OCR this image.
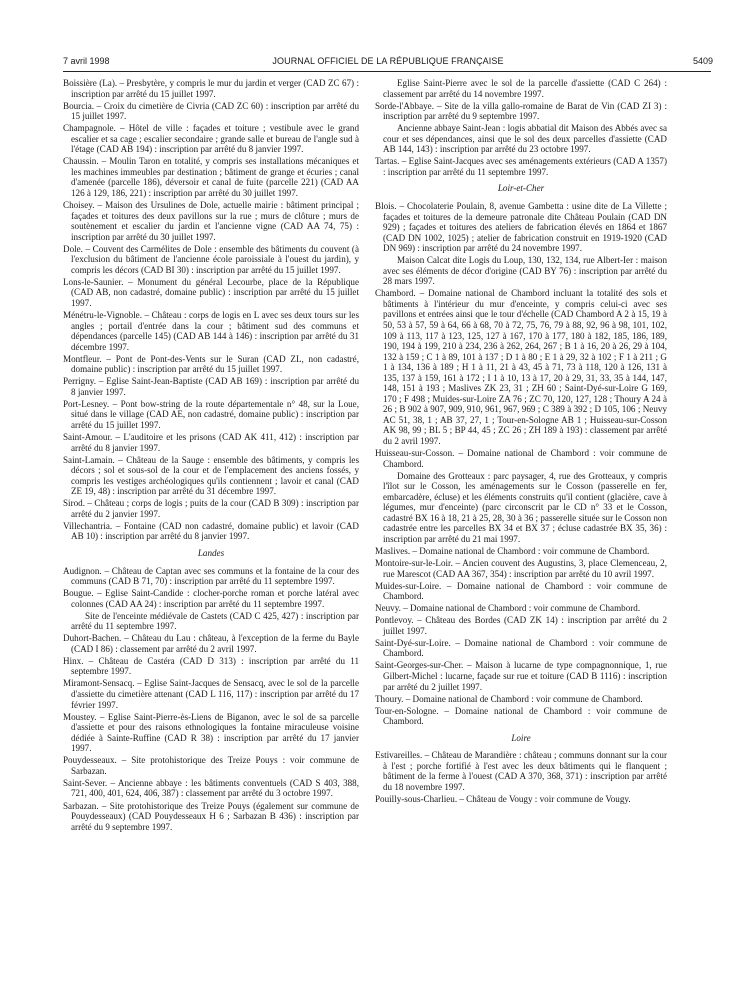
JOURNAL OFFICIEL DE LA RÉPUBLIQUE FRANÇAISE
7 avril 1998	5409
Boissière (La). – Presbytère, y compris le mur du jardin et verger (CAD ZC 67) : inscription par arrêté du 15 juillet 1997.
Bourcia. – Croix du cimetière de Civria (CAD ZC 60) : inscription par arrêté du 15 juillet 1997.
Champagnole. – Hôtel de ville : façades et toiture ; vestibule avec le grand escalier et sa cage ; escalier secondaire ; grande salle et bureau de l'angle sud à l'étage (CAD AB 194) : inscription par arrêté du 8 janvier 1997.
Chaussin. – Moulin Taron en totalité, y compris ses installations mécaniques et les machines immeubles par destination ; bâtiment de grange et écuries ; canal d'amenée (parcelle 186), déversoir et canal de fuite (parcelle 221) (CAD AA 126 à 129, 186, 221) : inscription par arrêté du 30 juillet 1997.
Choisey. – Maison des Ursulines de Dole, actuelle mairie : bâtiment principal ; façades et toitures des deux pavillons sur la rue ; murs de clôture ; murs de soutènement et escalier du jardin et l'ancienne vigne (CAD AA 74, 75) : inscription par arrêté du 30 juillet 1997.
Dole. – Couvent des Carmélites de Dole : ensemble des bâtiments du couvent (à l'exclusion du bâtiment de l'ancienne école paroissiale à l'ouest du jardin), y compris les décors (CAD BI 30) : inscription par arrêté du 15 juillet 1997.
Lons-le-Saunier. – Monument du général Lecourbe, place de la République (CAD AB, non cadastré, domaine public) : inscription par arrêté du 15 juillet 1997.
Ménétru-le-Vignoble. – Château : corps de logis en L avec ses deux tours sur les angles ; portail d'entrée dans la cour ; bâtiment sud des communs et dépendances (parcelle 145) (CAD AB 144 à 146) : inscription par arrêté du 31 décembre 1997.
Montfleur. – Pont de Pont-des-Vents sur le Suran (CAD ZL, non cadastré, domaine public) : inscription par arrêté du 15 juillet 1997.
Perrigny. – Eglise Saint-Jean-Baptiste (CAD AB 169) : inscription par arrêté du 8 janvier 1997.
Port-Lesney. – Pont bow-string de la route départementale n° 48, sur la Loue, situé dans le village (CAD AE, non cadastré, domaine public) : inscription par arrêté du 15 juillet 1997.
Saint-Amour. – L'auditoire et les prisons (CAD AK 411, 412) : inscription par arrêté du 8 janvier 1997.
Saint-Lamain. – Château de la Sauge : ensemble des bâtiments, y compris les décors ; sol et sous-sol de la cour et de l'emplacement des anciens fossés, y compris les vestiges archéologiques qu'ils contiennent ; lavoir et canal (CAD ZE 19, 48) : inscription par arrêté du 31 décembre 1997.
Sirod. – Château ; corps de logis ; puits de la cour (CAD B 309) : inscription par arrêté du 2 janvier 1997.
Villechantria. – Fontaine (CAD non cadastré, domaine public) et lavoir (CAD AB 10) : inscription par arrêté du 8 janvier 1997.
Landes
Audignon. – Château de Captan avec ses communs et la fontaine de la cour des communs (CAD B 71, 70) : inscription par arrêté du 11 septembre 1997.
Bougue. – Eglise Saint-Candide : clocher-porche roman et porche latéral avec colonnes (CAD AA 24) : inscription par arrêté du 11 septembre 1997.
Site de l'enceinte médiévale de Castets (CAD C 425, 427) : inscription par arrêté du 11 septembre 1997.
Duhort-Bachen. – Château du Lau : château, à l'exception de la ferme du Bayle (CAD I 86) : classement par arrêté du 2 avril 1997.
Hinx. – Château de Castéra (CAD D 313) : inscription par arrêté du 11 septembre 1997.
Miramont-Sensacq. – Eglise Saint-Jacques de Sensacq, avec le sol de la parcelle d'assiette du cimetière attenant (CAD L 116, 117) : inscription par arrêté du 17 février 1997.
Moustey. – Eglise Saint-Pierre-ès-Liens de Biganon, avec le sol de sa parcelle d'assiette et pour des raisons ethnologiques la fontaine miraculeuse voisine dédiée à Sainte-Ruffine (CAD R 38) : inscription par arrêté du 17 janvier 1997.
Pouydesseaux. – Site protohistorique des Treize Pouys : voir commune de Sarbazan.
Saint-Sever. – Ancienne abbaye : les bâtiments conventuels (CAD S 403, 388, 721, 400, 401, 624, 406, 387) : classement par arrêté du 3 octobre 1997.
Sarbazan. – Site protohistorique des Treize Pouys (également sur commune de Pouydesseaux) (CAD Pouydesseaux H 6 ; Sarbazan B 436) : inscription par arrêté du 9 septembre 1997.
Eglise Saint-Pierre avec le sol de la parcelle d'assiette (CAD C 264) : classement par arrêté du 14 novembre 1997.
Sorde-l'Abbaye. – Site de la villa gallo-romaine de Barat de Vin (CAD ZI 3) : inscription par arrêté du 9 septembre 1997.
Ancienne abbaye Saint-Jean : logis abbatial dit Maison des Abbés avec sa cour et ses dépendances, ainsi que le sol des deux parcelles d'assiette (CAD AB 144, 143) : inscription par arrêté du 23 octobre 1997.
Tartas. – Eglise Saint-Jacques avec ses aménagements extérieurs (CAD A 1357) : inscription par arrêté du 11 septembre 1997.
Loir-et-Cher
Blois. – Chocolaterie Poulain, 8, avenue Gambetta : usine dite de La Villette ; façades et toitures de la demeure patronale dite Château Poulain (CAD DN 929) ; façades et toitures des ateliers de fabrication élevés en 1864 et 1867 (CAD DN 1002, 1025) ; atelier de fabrication construit en 1919-1920 (CAD DN 969) : inscription par arrêté du 24 novembre 1997.
Maison Calcat dite Logis du Loup, 130, 132, 134, rue Albert-Ier : maison avec ses éléments de décor d'origine (CAD BY 76) : inscription par arrêté du 28 mars 1997.
Chambord. – Domaine national de Chambord incluant la totalité des sols et bâtiments à l'intérieur du mur d'enceinte, y compris celui-ci avec ses pavillons et entrées ainsi que le tour d'échelle (CAD Chambord A 2 à 15, 19 à 50, 53 à 57, 59 à 64, 66 à 68, 70 à 72, 75, 76, 79 à 88, 92, 96 à 98, 101, 102, 109 à 113, 117 à 123, 125, 127 à 167, 170 à 177, 180 à 182, 185, 186, 189, 190, 194 à 199, 210 à 234, 236 à 262, 264, 267 ; B 1 à 16, 20 à 26, 29 à 104, 132 à 159 ; C 1 à 89, 101 à 137 ; D 1 à 80 ; E 1 à 29, 32 à 102 ; F 1 à 211 ; G 1 à 134, 136 à 189 ; H 1 à 11, 21 à 43, 45 à 71, 73 à 118, 120 à 126, 131 à 135, 137 à 159, 161 à 172 ; I 1 à 10, 13 à 17, 20 à 29, 31, 33, 35 à 144, 147, 148, 151 à 193 ; Maslives ZK 23, 31 ; ZH 60 ; Saint-Dyé-sur-Loire G 169, 170 ; F 498 ; Muides-sur-Loire ZA 76 ; ZC 70, 120, 127, 128 ; Thoury A 24 à 26 ; B 902 à 907, 909, 910, 961, 967, 969 ; C 389 à 392 ; D 105, 106 ; Neuvy AC 51, 38, 1 ; AB 37, 27, 1 ; Tour-en-Sologne AB 1 ; Huisseau-sur-Cosson AK 98, 99 ; BL 5 ; BP 44, 45 ; ZC 26 ; ZH 189 à 193) : classement par arrêté du 2 avril 1997.
Huisseau-sur-Cosson. – Domaine national de Chambord : voir commune de Chambord.
Domaine des Grotteaux : parc paysager, 4, rue des Grotteaux, y compris l'îlot sur le Cosson, les aménagements sur le Cosson (passerelle en fer, embarcadère, écluse) et les éléments construits qu'il contient (glacière, cave à légumes, mur d'enceinte) (parc circonscrit par le CD n° 33 et le Cosson, cadastré BX 16 à 18, 21 à 25, 28, 30 à 36 ; passerelle située sur le Cosson non cadastrée entre les parcelles BX 34 et BX 37 ; écluse cadastrée BX 35, 36) : inscription par arrêté du 21 mai 1997.
Maslives. – Domaine national de Chambord : voir commune de Chambord.
Montoire-sur-le-Loir. – Ancien couvent des Augustins, 3, place Clemenceau, 2, rue Marescot (CAD AA 367, 354) : inscription par arrêté du 10 avril 1997.
Muides-sur-Loire. – Domaine national de Chambord : voir commune de Chambord.
Neuvy. – Domaine national de Chambord : voir commune de Chambord.
Pontlevoy. – Château des Bordes (CAD ZK 14) : inscription par arrêté du 2 juillet 1997.
Saint-Dyé-sur-Loire. – Domaine national de Chambord : voir commune de Chambord.
Saint-Georges-sur-Cher. – Maison à lucarne de type compagnonnique, 1, rue Gilbert-Michel : lucarne, façade sur rue et toiture (CAD B 1116) : inscription par arrêté du 2 juillet 1997.
Thoury. – Domaine national de Chambord : voir commune de Chambord.
Tour-en-Sologne. – Domaine national de Chambord : voir commune de Chambord.
Loire
Estivareilles. – Château de Marandière : château ; communs donnant sur la cour à l'est ; porche fortifié à l'est avec les deux bâtiments qui le flanquent ; bâtiment de la ferme à l'ouest (CAD A 370, 368, 371) : inscription par arrêté du 18 novembre 1997.
Pouilly-sous-Charlieu. – Château de Vougy : voir commune de Vougy.
